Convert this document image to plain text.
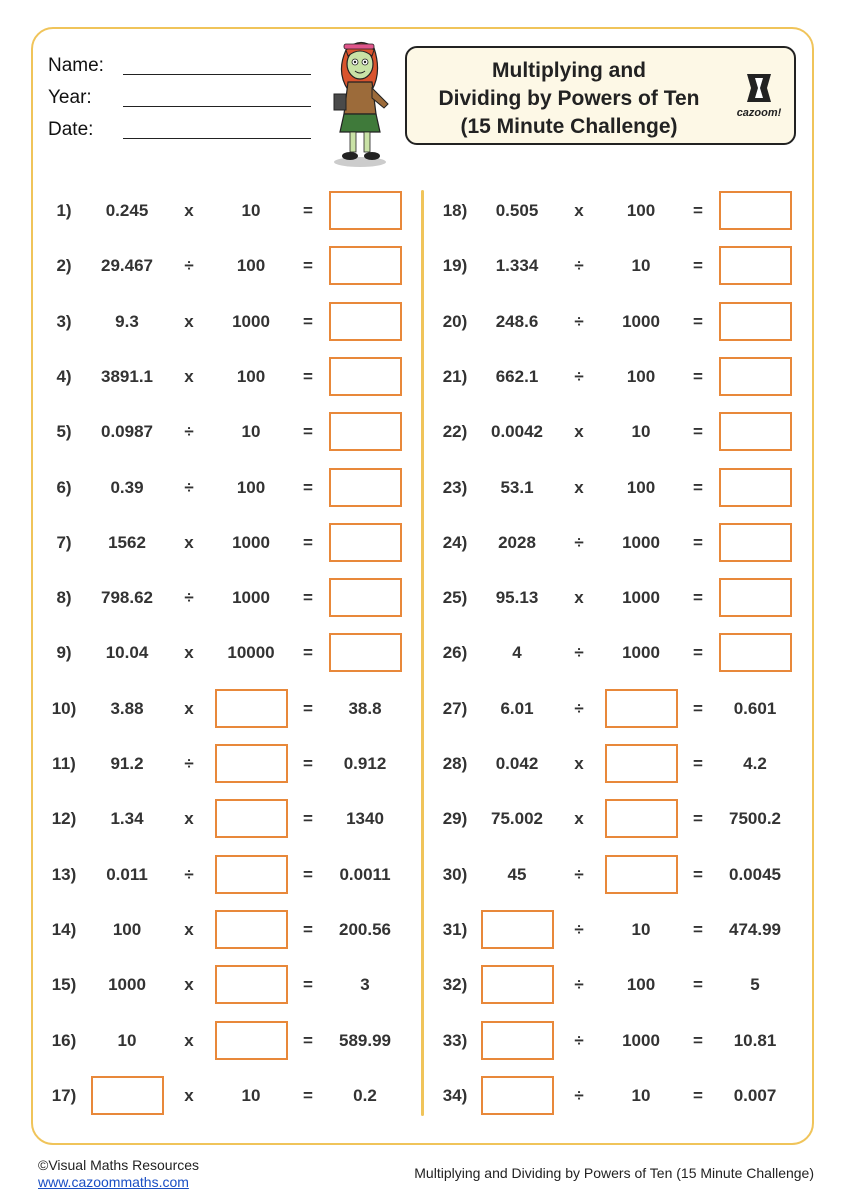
Name:
Year:
Date:
Multiplying and
Dividing by Powers of Ten
(15 Minute Challenge)
cazoom!
1) 0.245 x	10	=
2) 29.467 ÷	100 =
3)	9.3	x 1000 =
4) 3891.1 x	100 =
5) 0.0987 ÷	10	=
6) 0.39 ÷	100 =
7) 1562 x 1000 =
8) 798.62 ÷ 1000 =
9) 10.04 x 10000 =
10) 3.88 x	= 38.8
11) 91.2 ÷	= 0.912
12) 1.34 x	= 1340
13) 0.011 ÷	= 0.0011
14) 100	x	= 200.56
15) 1000 x	=	3
16) 10	x	= 589.99
17)	x	10	= 0.2
18) 0.505 x	100 =
19) 1.334 ÷	10	=
20) 248.6 ÷ 1000 =
21) 662.1 ÷	100 =
22) 0.0042 x	10	=
23) 53.1 x	100 =
24) 2028 ÷ 1000 =
25) 95.13 x 1000 =
26)	4	÷ 1000 =
27) 6.01 ÷	= 0.601
28) 0.042 x	= 4.2
29) 75.002 x	= 7500.2
30) 45	÷	= 0.0045
31)	÷	10	= 474.99
32)	÷	100 =	5
33)	÷ 1000 = 10.81
34)	÷	10	= 0.007
©Visual Maths Resources
www.cazoommaths.com
Multiplying and Dividing by Powers of Ten (15 Minute Challenge)
